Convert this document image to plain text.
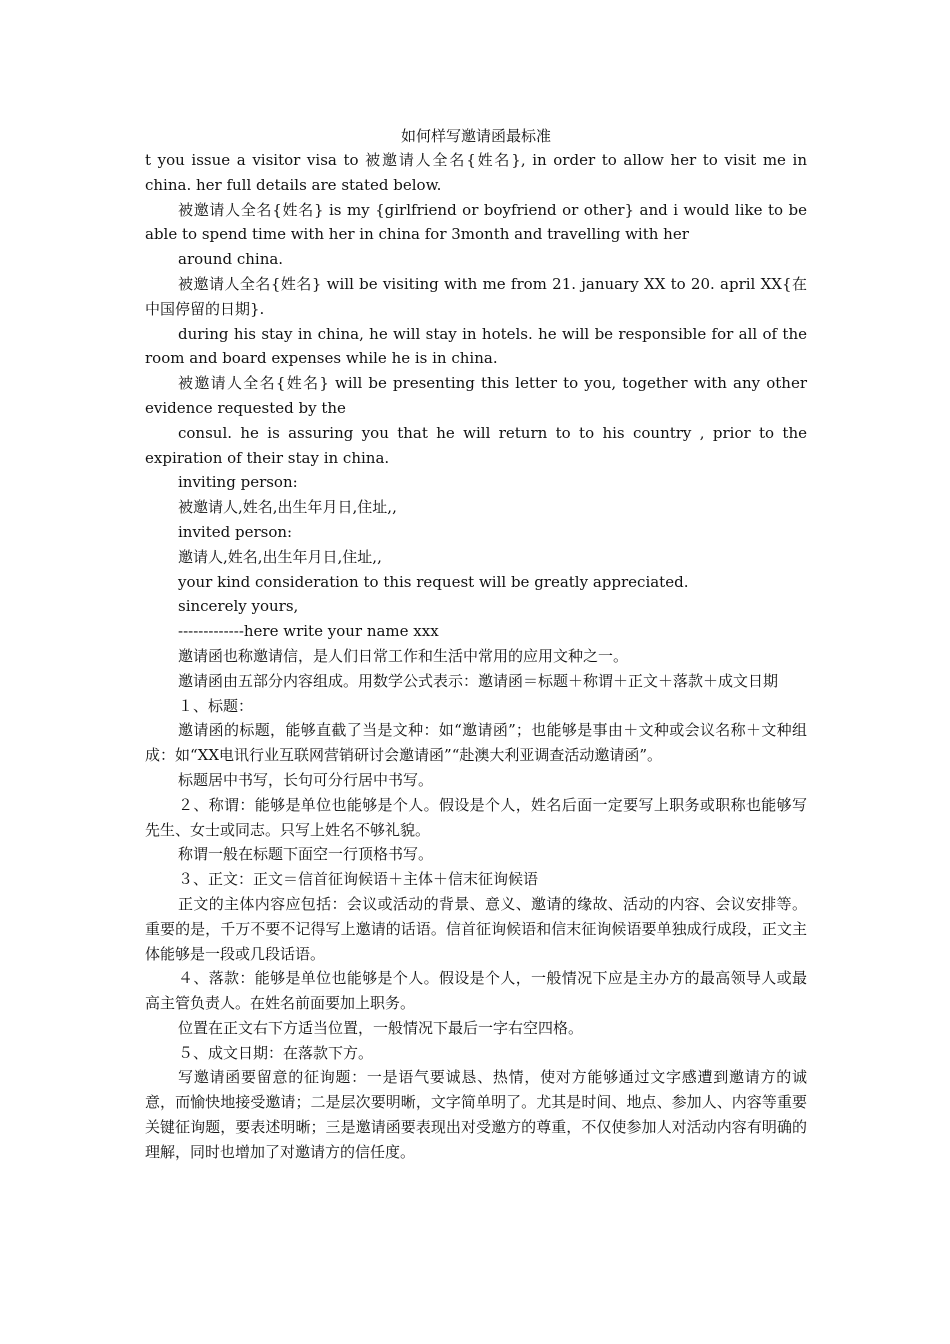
如何样写邀请函最标准

t you issue a visitor visa to 被邀请人全名{姓名}, in order to allow her to visit me in china. her full details are stated below.

被邀请人全名{姓名} is my {girlfriend or boyfriend or other} and i would like to be able to spend time with her in china for 3month and travelling with her

around china.

被邀请人全名{姓名} will be visiting with me from 21. january XX to 20. april XX{在中国停留的日期}.

during his stay in china, he will stay in hotels. he will be responsible for all of the room and board expenses while he is in china.

被邀请人全名{姓名} will be presenting this letter to you, together with any other evidence requested by the

consul. he is assuring you that he will return to to his country , prior to the expiration of their stay in china.

inviting person:

被邀请人,姓名,出生年月日,住址,,

invited person:

邀请人,姓名,出生年月日,住址,,

your kind consideration to this request will be greatly appreciated.

sincerely yours,

-------------here write your name xxx

邀请函也称邀请信，是人们日常工作和生活中常用的应用文种之一。

邀请函由五部分内容组成。用数学公式表示：邀请函＝标题＋称谓＋正文＋落款＋成文日期

１、标题：

邀请函的标题，能够直截了当是文种：如“邀请函”；也能够是事由＋文种或会议名称＋文种组成：如“XX电讯行业互联网营销研讨会邀请函”“赴澳大利亚调查活动邀请函”。

标题居中书写，长句可分行居中书写。

２、称谓：能够是单位也能够是个人。假设是个人，姓名后面一定要写上职务或职称也能够写先生、女士或同志。只写上姓名不够礼貌。

称谓一般在标题下面空一行顶格书写。

３、正文：正文＝信首征询候语＋主体＋信末征询候语

正文的主体内容应包括：会议或活动的背景、意义、邀请的缘故、活动的内容、会议安排等。重要的是，千万不要不记得写上邀请的话语。信首征询候语和信末征询候语要单独成行成段，正文主体能够是一段或几段话语。

４、落款：能够是单位也能够是个人。假设是个人，一般情况下应是主办方的最高领导人或最高主管负责人。在姓名前面要加上职务。

位置在正文右下方适当位置，一般情况下最后一字右空四格。

５、成文日期：在落款下方。

写邀请函要留意的征询题：一是语气要诚恳、热情，使对方能够通过文字感遭到邀请方的诚意，而愉快地接受邀请；二是层次要明晰，文字简单明了。尤其是时间、地点、参加人、内容等重要关键征询题，要表述明晰；三是邀请函要表现出对受邀方的尊重，不仅使参加人对活动内容有明确的理解，同时也增加了对邀请方的信任度。
